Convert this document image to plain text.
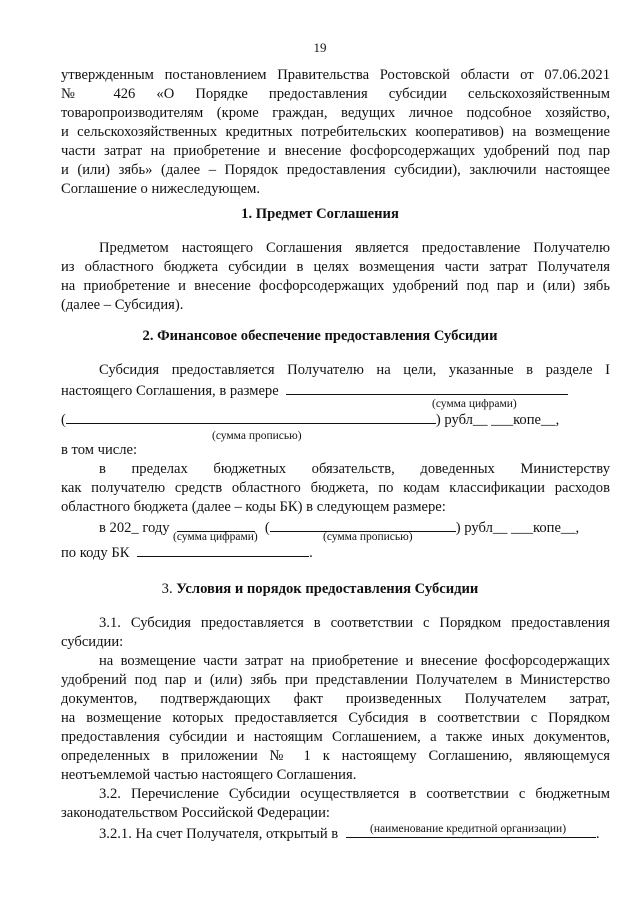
19
утвержденным постановлением Правительства Ростовской области от 07.06.2021
№ 426 «О Порядке предоставления субсидии сельскохозяйственным
товаропроизводителям (кроме граждан, ведущих личное подсобное хозяйство,
и сельскохозяйственных кредитных потребительских кооперативов) на возмещение
части затрат на приобретение и внесение фосфорсодержащих удобрений под пар
и (или) зябь» (далее – Порядок предоставления субсидии), заключили настоящее
Соглашение о нижеследующем.
1. Предмет Соглашения
Предметом настоящего Соглашения является предоставление Получателю
из областного бюджета субсидии в целях возмещения части затрат Получателя
на приобретение и внесение фосфорсодержащих удобрений под пар и (или) зябь
(далее – Субсидия).
2. Финансовое обеспечение предоставления Субсидии
Субсидия предоставляется Получателю на цели, указанные в разделе I
настоящего Соглашения, в размере
(сумма цифрами)
(	) рубл__ ___копе__,
(сумма прописью)
в том числе:
в пределах бюджетных обязательств, доведенных Министерству
как получателю средств областного бюджета, по кодам классификации расходов
областного бюджета (далее – коды БК) в следующем размере:
в 202_ году	(	) рубл__ ___копе__,
(сумма цифрами)	(сумма прописью)
по коду БК	.
3. Условия и порядок предоставления Субсидии
3.1. Субсидия предоставляется в соответствии с Порядком предоставления
субсидии:
на возмещение части затрат на приобретение и внесение фосфорсодержащих
удобрений под пар и (или) зябь при представлении Получателем в Министерство
документов, подтверждающих факт произведенных Получателем затрат,
на возмещение которых предоставляется Субсидия в соответствии с Порядком
предоставления субсидии и настоящим Соглашением, а также иных документов,
определенных в приложении № 1 к настоящему Соглашению, являющемуся
неотъемлемой частью настоящего Соглашения.
3.2. Перечисление Субсидии осуществляется в соответствии с бюджетным
законодательством Российской Федерации:
3.2.1. На счет Получателя, открытый в	.
(наименование кредитной организации)
